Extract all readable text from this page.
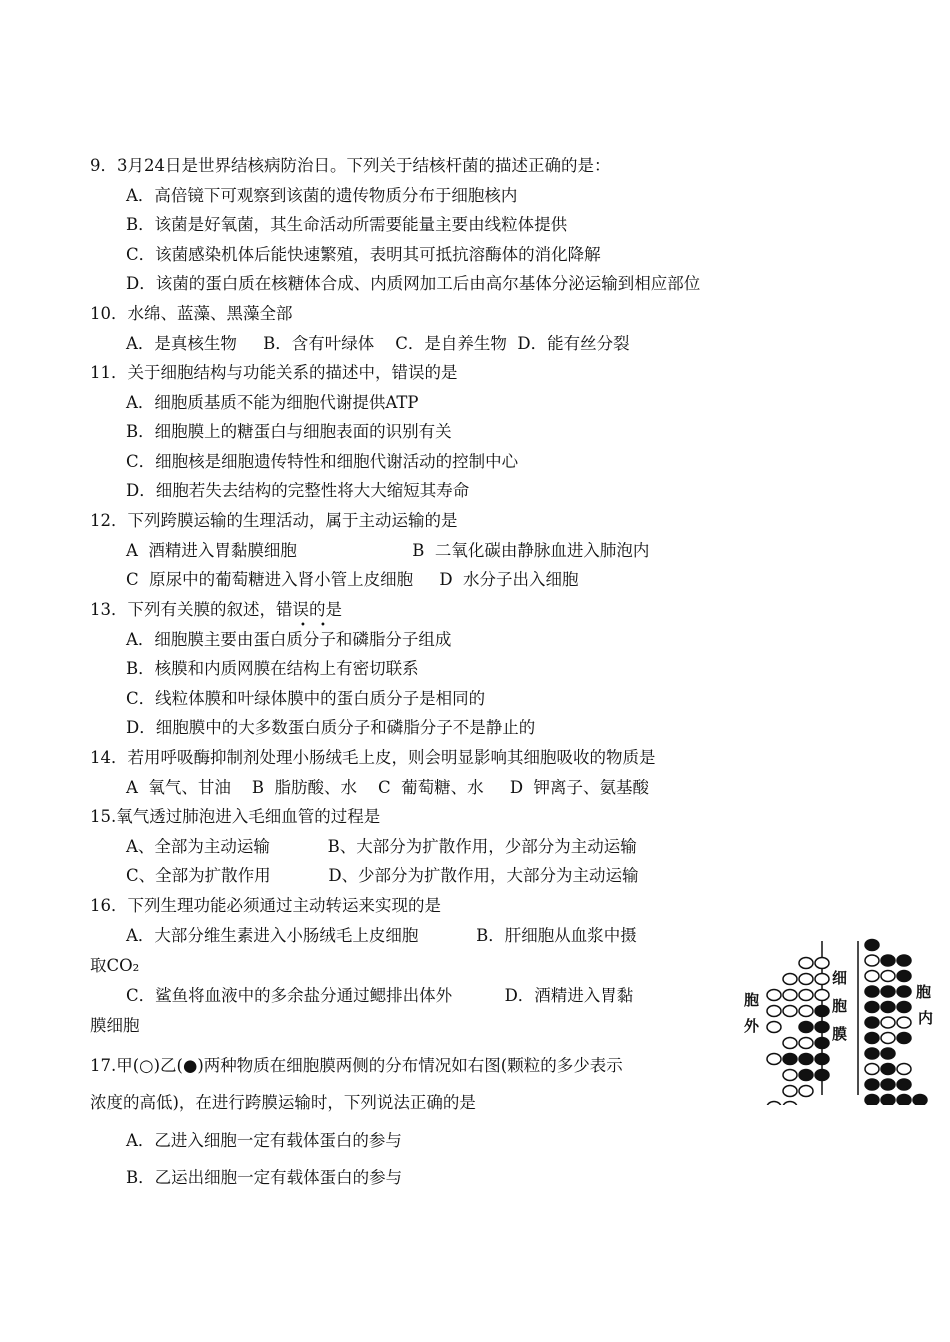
9．3月24日是世界结核病防治日。下列关于结核杆菌的描述正确的是：
A．高倍镜下可观察到该菌的遗传物质分布于细胞核内
B．该菌是好氧菌，其生命活动所需要能量主要由线粒体提供
C．该菌感染机体后能快速繁殖，表明其可抵抗溶酶体的消化降解
D．该菌的蛋白质在核糖体合成、内质网加工后由高尔基体分泌运输到相应部位
10．水绵、蓝藻、黑藻全部
A．是真核生物     B．含有叶绿体    C．是自养生物  D．能有丝分裂
11．关于细胞结构与功能关系的描述中，错误的是
A．细胞质基质不能为细胞代谢提供ATP
B．细胞膜上的糖蛋白与细胞表面的识别有关
C．细胞核是细胞遗传特性和细胞代谢活动的控制中心
D．细胞若失去结构的完整性将大大缩短其寿命
12．下列跨膜运输的生理活动，属于主动运输的是
A  酒精进入胃黏膜细胞                      B  二氧化碳由静脉血进入肺泡内
C  原尿中的葡萄糖进入肾小管上皮细胞     D  水分子出入细胞
13．下列有关膜的叙述，错误的是
• •
A．细胞膜主要由蛋白质分子和磷脂分子组成
B．核膜和内质网膜在结构上有密切联系
C．线粒体膜和叶绿体膜中的蛋白质分子是相同的
D．细胞膜中的大多数蛋白质分子和磷脂分子不是静止的
14．若用呼吸酶抑制剂处理小肠绒毛上皮，则会明显影响其细胞吸收的物质是
A  氧气、甘油    B  脂肪酸、水    C  葡萄糖、水     D  钾离子、氨基酸
15.氧气透过肺泡进入毛细血管的过程是
A、全部为主动运输           B、大部分为扩散作用，少部分为主动运输
C、全部为扩散作用           D、少部分为扩散作用，大部分为主动运输
16．下列生理功能必须通过主动转运来实现的是
A．大部分维生素进入小肠绒毛上皮细胞           B．肝细胞从血浆中摄
取CO₂
C．鲨鱼将血液中的多余盐分通过鳃排出体外          D．酒精进入胃黏
膜细胞
17.甲(○)乙(●)两种物质在细胞膜两侧的分布情况如右图(颗粒的多少表示
浓度的高低)，在进行跨膜运输时，下列说法正确的是
A．乙进入细胞一定有载体蛋白的参与
B．乙运出细胞一定有载体蛋白的参与
胞
外
细
胞
膜
胞
内
